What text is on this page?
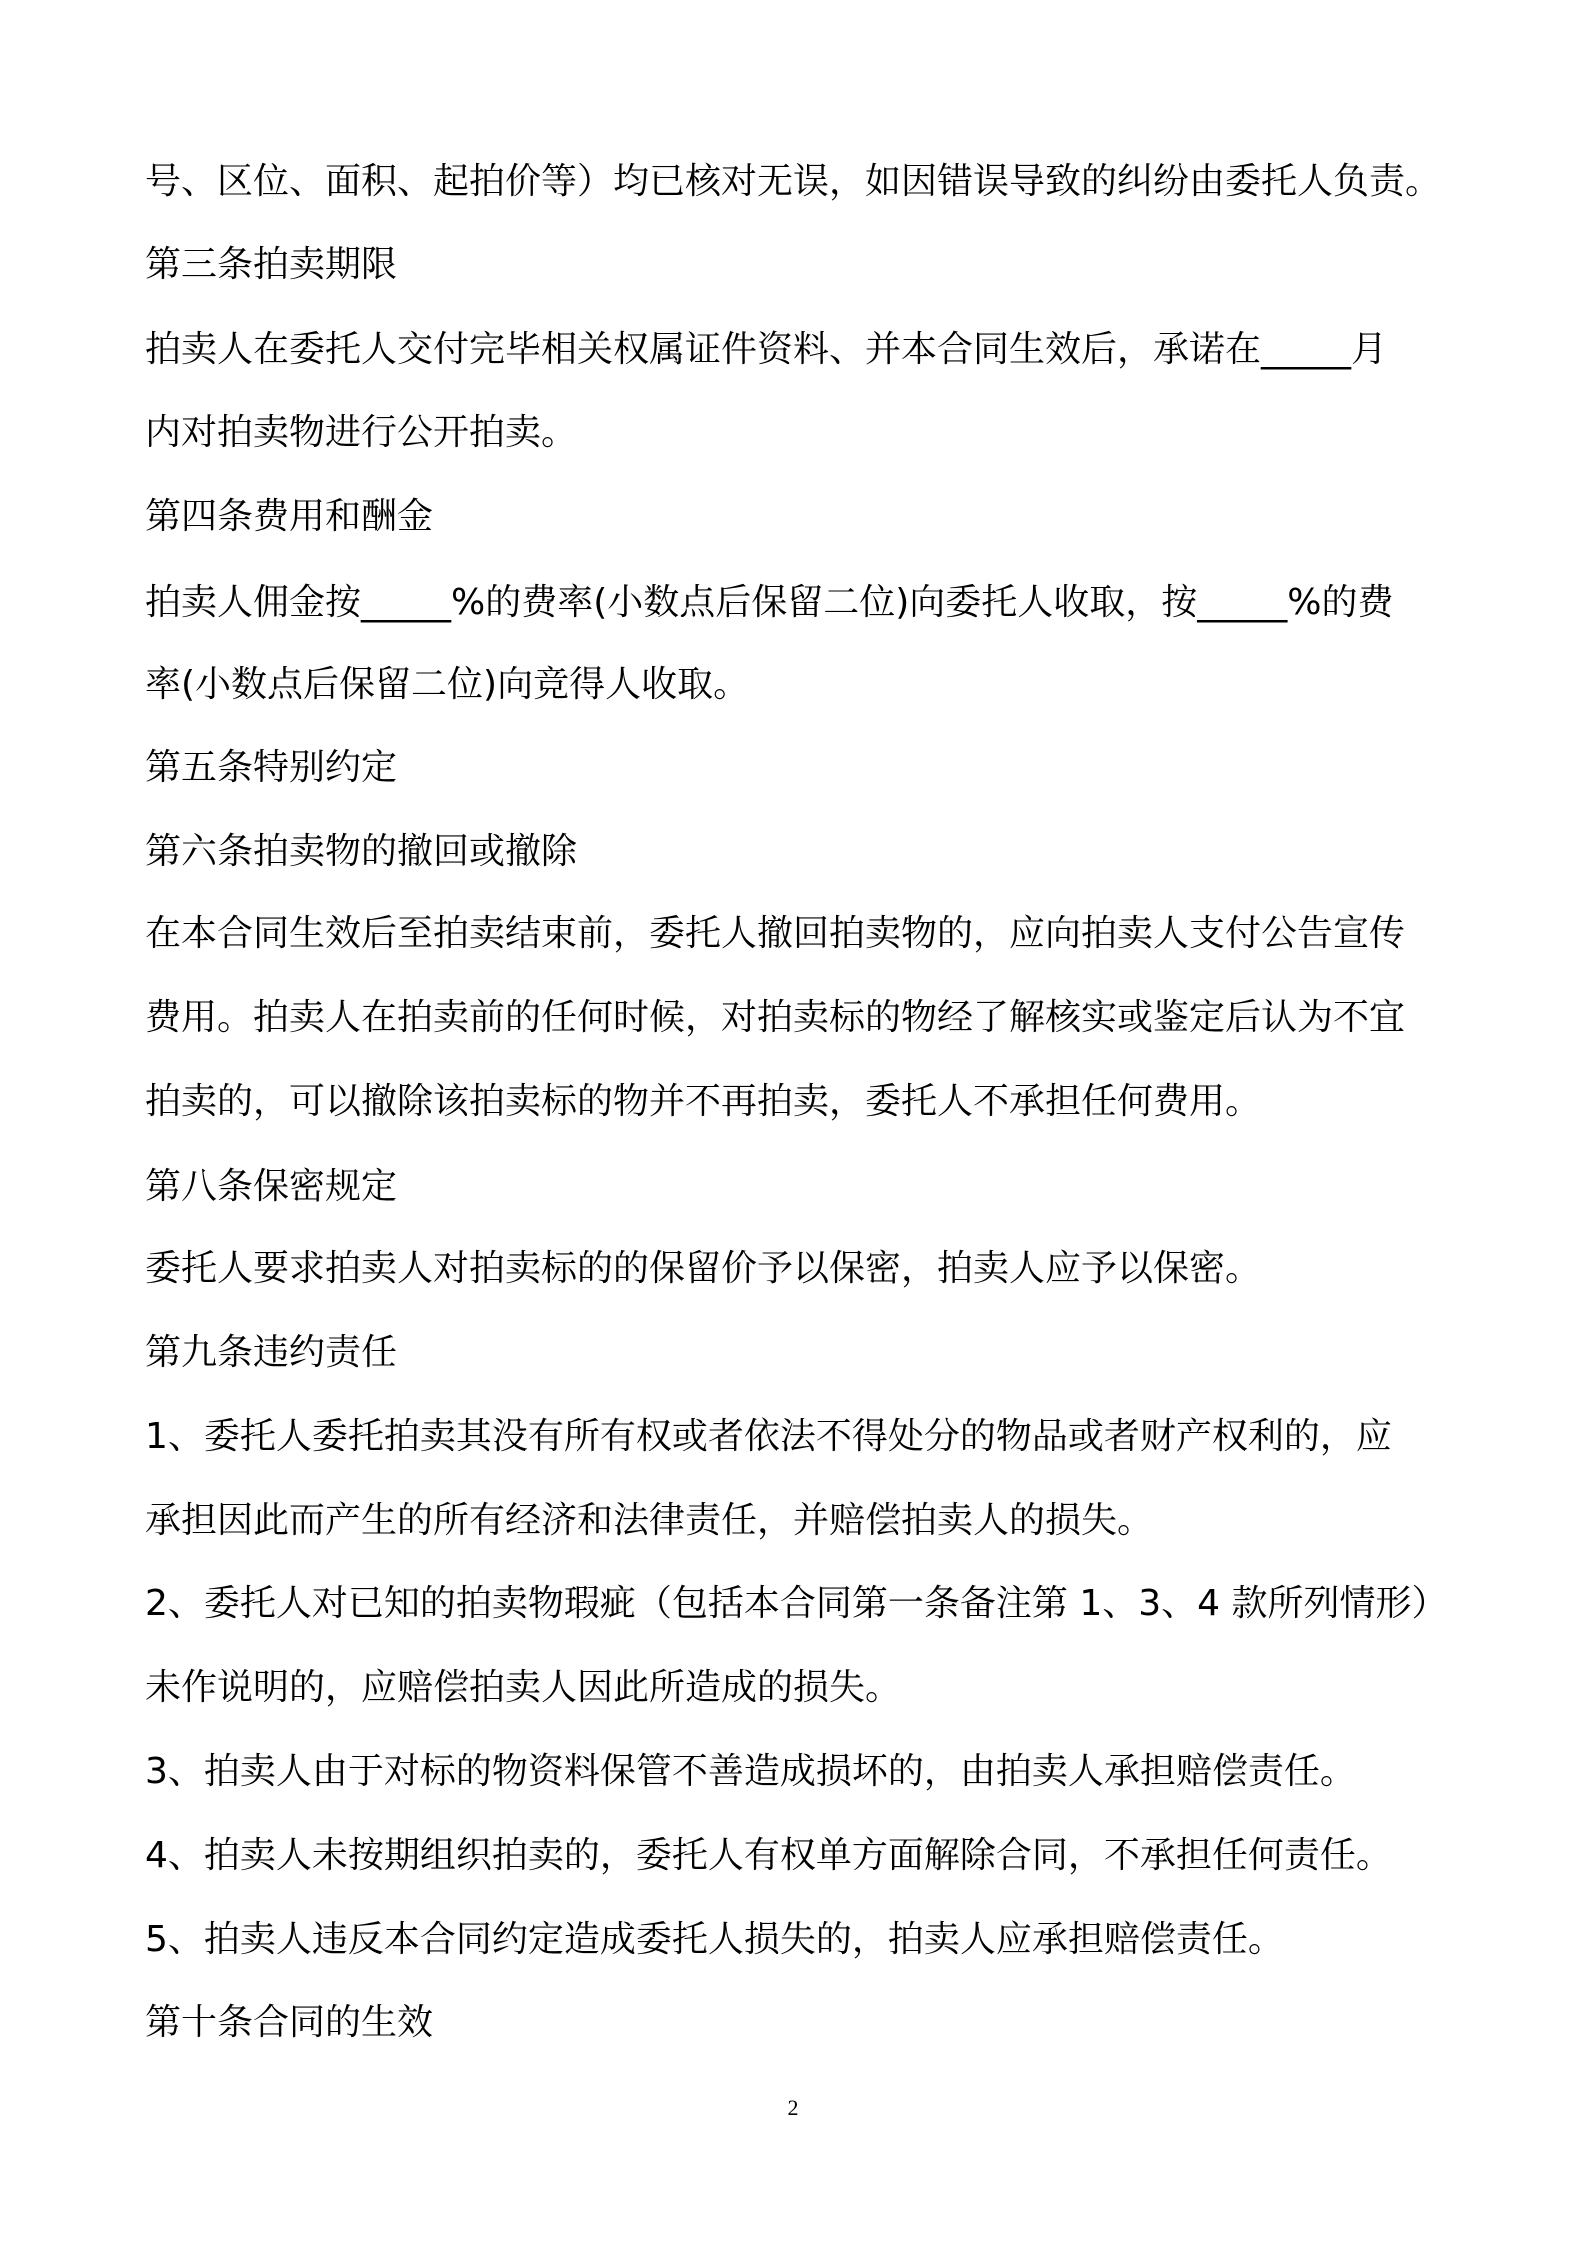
号、区位、面积、起拍价等）均已核对无误，如因错误导致的纠纷由委托人负责。
第三条拍卖期限
拍卖人在委托人交付完毕相关权属证件资料、并本合同生效后，承诺在_____月
内对拍卖物进行公开拍卖。
第四条费用和酬金
拍卖人佣金按_____%的费率(小数点后保留二位)向委托人收取，按_____%的费
率(小数点后保留二位)向竞得人收取。
第五条特别约定
第六条拍卖物的撤回或撤除
在本合同生效后至拍卖结束前，委托人撤回拍卖物的，应向拍卖人支付公告宣传
费用。拍卖人在拍卖前的任何时候，对拍卖标的物经了解核实或鉴定后认为不宜
拍卖的，可以撤除该拍卖标的物并不再拍卖，委托人不承担任何费用。
第八条保密规定
委托人要求拍卖人对拍卖标的的保留价予以保密，拍卖人应予以保密。
第九条违约责任
1、委托人委托拍卖其没有所有权或者依法不得处分的物品或者财产权利的，应
承担因此而产生的所有经济和法律责任，并赔偿拍卖人的损失。
2、委托人对已知的拍卖物瑕疵（包括本合同第一条备注第 1、3、4 款所列情形）
未作说明的，应赔偿拍卖人因此所造成的损失。
3、拍卖人由于对标的物资料保管不善造成损坏的，由拍卖人承担赔偿责任。
4、拍卖人未按期组织拍卖的，委托人有权单方面解除合同，不承担任何责任。
5、拍卖人违反本合同约定造成委托人损失的，拍卖人应承担赔偿责任。
第十条合同的生效
2
